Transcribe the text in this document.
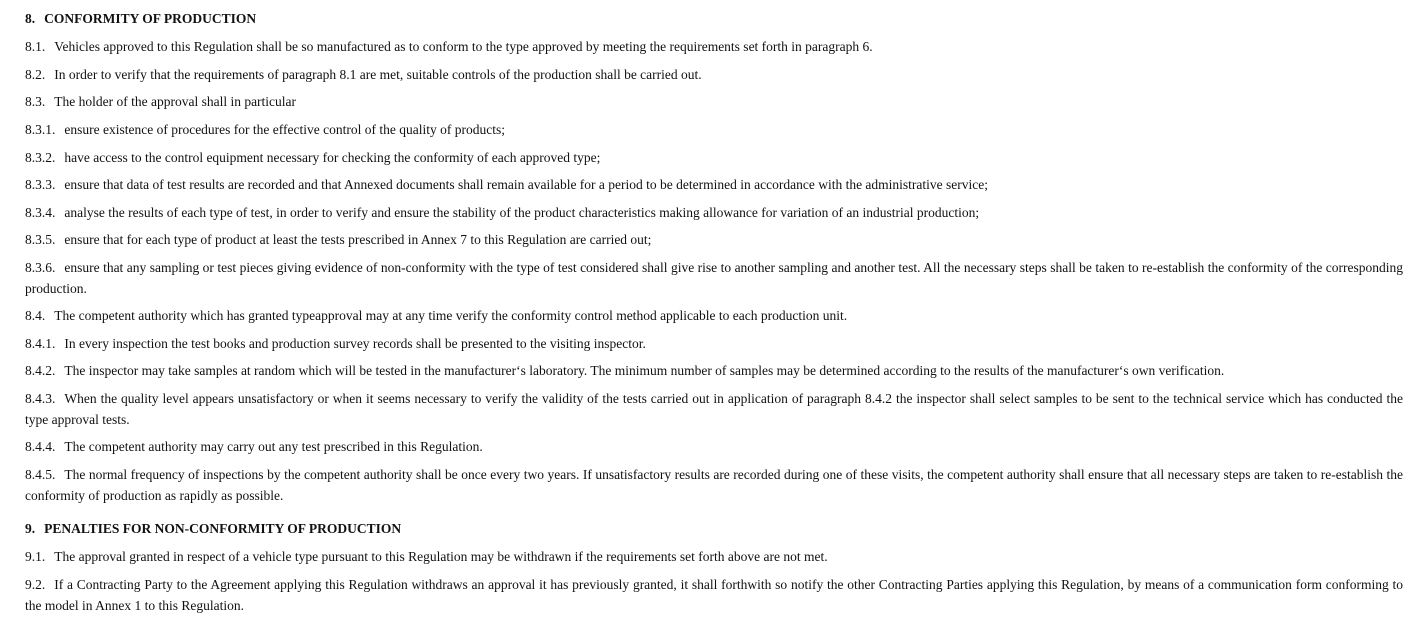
8. CONFORMITY OF PRODUCTION
8.1. Vehicles approved to this Regulation shall be so manufactured as to conform to the type approved by meeting the requirements set forth in paragraph 6.
8.2. In order to verify that the requirements of paragraph 8.1 are met, suitable controls of the production shall be carried out.
8.3. The holder of the approval shall in particular
8.3.1. ensure existence of procedures for the effective control of the quality of products;
8.3.2. have access to the control equipment necessary for checking the conformity of each approved type;
8.3.3. ensure that data of test results are recorded and that Annexed documents shall remain available for a period to be determined in accordance with the administrative service;
8.3.4. analyse the results of each type of test, in order to verify and ensure the stability of the product characteristics making allowance for variation of an industrial production;
8.3.5. ensure that for each type of product at least the tests prescribed in Annex 7 to this Regulation are carried out;
8.3.6. ensure that any sampling or test pieces giving evidence of non-conformity with the type of test considered shall give rise to another sampling and another test. All the necessary steps shall be taken to re-establish the conformity of the corresponding production.
8.4. The competent authority which has granted typeapproval may at any time verify the conformity control method applicable to each production unit.
8.4.1. In every inspection the test books and production survey records shall be presented to the visiting inspector.
8.4.2. The inspector may take samples at random which will be tested in the manufacturer‘s laboratory. The minimum number of samples may be determined according to the results of the manufacturer‘s own verification.
8.4.3. When the quality level appears unsatisfactory or when it seems necessary to verify the validity of the tests carried out in application of paragraph 8.4.2 the inspector shall select samples to be sent to the technical service which has conducted the type approval tests.
8.4.4. The competent authority may carry out any test prescribed in this Regulation.
8.4.5. The normal frequency of inspections by the competent authority shall be once every two years. If unsatisfactory results are recorded during one of these visits, the competent authority shall ensure that all necessary steps are taken to re-establish the conformity of production as rapidly as possible.
9. PENALTIES FOR NON-CONFORMITY OF PRODUCTION
9.1. The approval granted in respect of a vehicle type pursuant to this Regulation may be withdrawn if the requirements set forth above are not met.
9.2. If a Contracting Party to the Agreement applying this Regulation withdraws an approval it has previously granted, it shall forthwith so notify the other Contracting Parties applying this Regulation, by means of a communication form conforming to the model in Annex 1 to this Regulation.
